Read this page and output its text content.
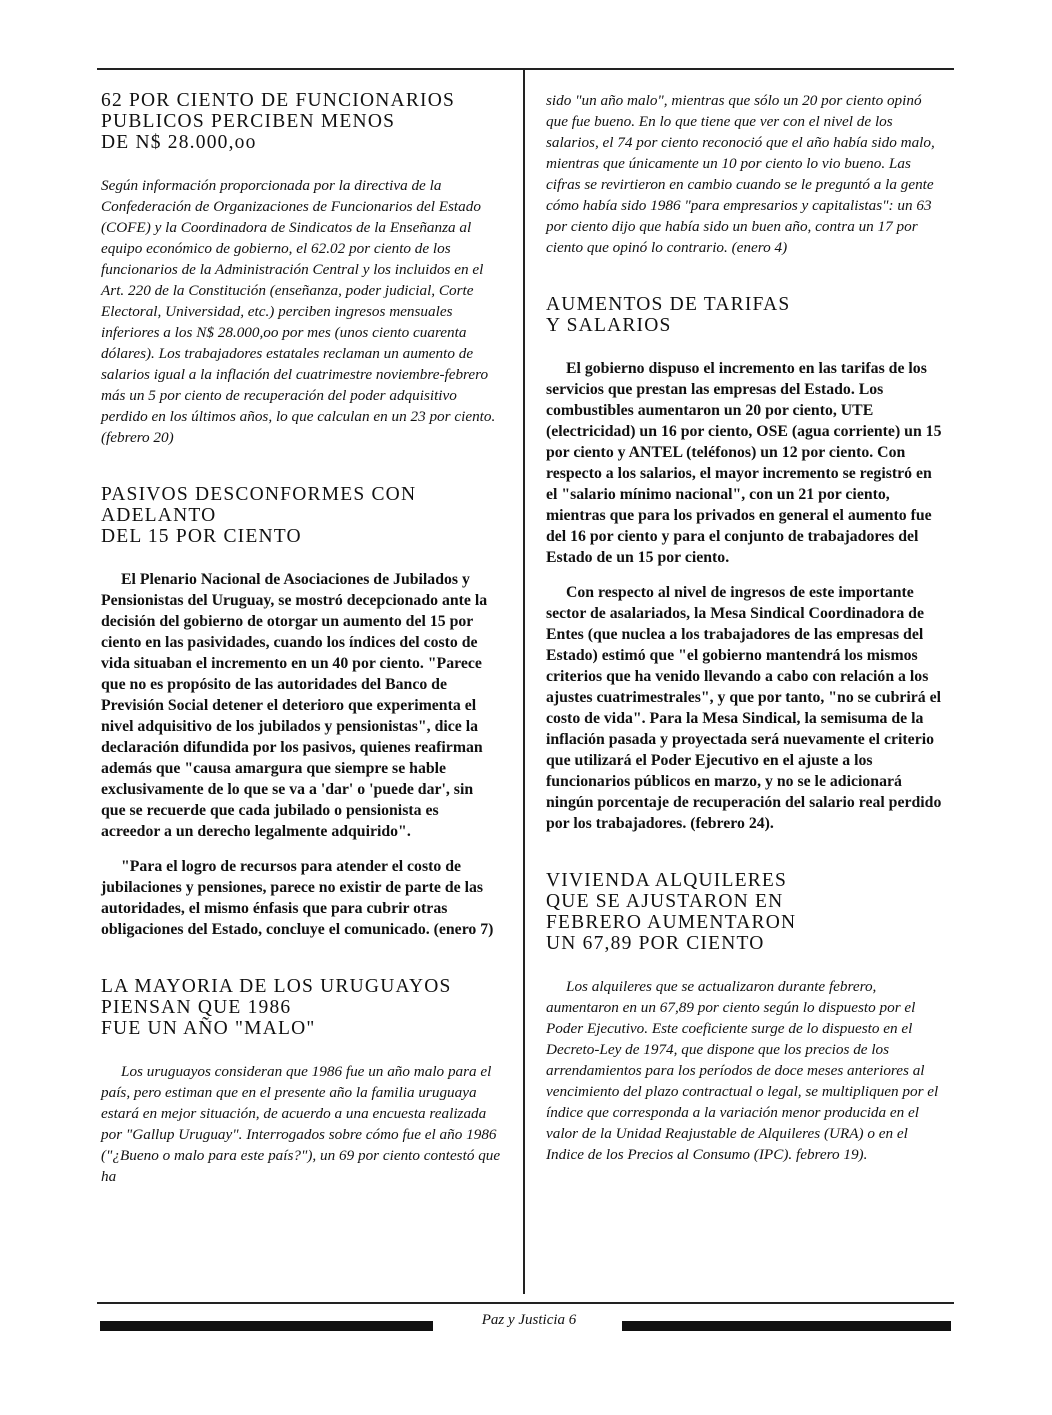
62 POR CIENTO DE FUNCIONARIOS
PUBLICOS PERCIBEN MENOS
DE N$ 28.000,oo

Según información proporcionada por la directiva de la Confederación de Organizaciones de Funcionarios del Estado (COFE) y la Coordinadora de Sindicatos de la Enseñanza al equipo económico de gobierno, el 62.02 por ciento de los funcionarios de la Administración Central y los incluidos en el Art. 220 de la Constitución (enseñanza, poder judicial, Corte Electoral, Universidad, etc.) perciben ingresos mensuales inferiores a los N$ 28.000,oo por mes (unos ciento cuarenta dólares). Los trabajadores estatales reclaman un aumento de salarios igual a la inflación del cuatrimestre noviembre-febrero más un 5 por ciento de recuperación del poder adquisitivo perdido en los últimos años, lo que calculan en un 23 por ciento. (febrero 20)

PASIVOS DESCONFORMES CON
ADELANTO
DEL 15 POR CIENTO

El Plenario Nacional de Asociaciones de Jubilados y Pensionistas del Uruguay, se mostró decepcionado ante la decisión del gobierno de otorgar un aumento del 15 por ciento en las pasividades, cuando los índices del costo de vida situaban el incremento en un 40 por ciento. "Parece que no es propósito de las autoridades del Banco de Previsión Social detener el deterioro que experimenta el nivel adquisitivo de los jubilados y pensionistas", dice la declaración difundida por los pasivos, quienes reafirman además que "causa amargura que siempre se hable exclusivamente de lo que se va a 'dar' o 'puede dar', sin que se recuerde que cada jubilado o pensionista es acreedor a un derecho legalmente adquirido".

"Para el logro de recursos para atender el costo de jubilaciones y pensiones, parece no existir de parte de las autoridades, el mismo énfasis que para cubrir otras obligaciones del Estado, concluye el comunicado. (enero 7)

LA MAYORIA DE LOS URUGUAYOS
PIENSAN QUE 1986
FUE UN AÑO "MALO"

Los uruguayos consideran que 1986 fue un año malo para el país, pero estiman que en el presente año la familia uruguaya estará en mejor situación, de acuerdo a una encuesta realizada por "Gallup Uruguay". Interrogados sobre cómo fue el año 1986 ("¿Bueno o malo para este país?"), un 69 por ciento contestó que ha

sido "un año malo", mientras que sólo un 20 por ciento opinó que fue bueno. En lo que tiene que ver con el nivel de los salarios, el 74 por ciento reconoció que el año había sido malo, mientras que únicamente un 10 por ciento lo vio bueno. Las cifras se revirtieron en cambio cuando se le preguntó a la gente cómo había sido 1986 "para empresarios y capitalistas": un 63 por ciento dijo que había sido un buen año, contra un 17 por ciento que opinó lo contrario. (enero 4)

AUMENTOS DE TARIFAS
Y SALARIOS

El gobierno dispuso el incremento en las tarifas de los servicios que prestan las empresas del Estado. Los combustibles aumentaron un 20 por ciento, UTE (electricidad) un 16 por ciento, OSE (agua corriente) un 15 por ciento y ANTEL (teléfonos) un 12 por ciento. Con respecto a los salarios, el mayor incremento se registró en el "salario mínimo nacional", con un 21 por ciento, mientras que para los privados en general el aumento fue del 16 por ciento y para el conjunto de trabajadores del Estado de un 15 por ciento.

Con respecto al nivel de ingresos de este importante sector de asalariados, la Mesa Sindical Coordinadora de Entes (que nuclea a los trabajadores de las empresas del Estado) estimó que "el gobierno mantendrá los mismos criterios que ha venido llevando a cabo con relación a los ajustes cuatrimestrales", y que por tanto, "no se cubrirá el costo de vida". Para la Mesa Sindical, la semisuma de la inflación pasada y proyectada será nuevamente el criterio que utilizará el Poder Ejecutivo en el ajuste a los funcionarios públicos en marzo, y no se le adicionará ningún porcentaje de recuperación del salario real perdido por los trabajadores. (febrero 24).

VIVIENDA ALQUILERES
QUE SE AJUSTARON EN
FEBRERO AUMENTARON
UN 67,89 POR CIENTO

Los alquileres que se actualizaron durante febrero, aumentaron en un 67,89 por ciento según lo dispuesto por el Poder Ejecutivo. Este coeficiente surge de lo dispuesto en el Decreto-Ley de 1974, que dispone que los precios de los arrendamientos para los períodos de doce meses anteriores al vencimiento del plazo contractual o legal, se multipliquen por el índice que corresponda a la variación menor producida en el valor de la Unidad Reajustable de Alquileres (URA) o en el Indice de los Precios al Consumo (IPC). febrero 19).

Paz y Justicia 6
